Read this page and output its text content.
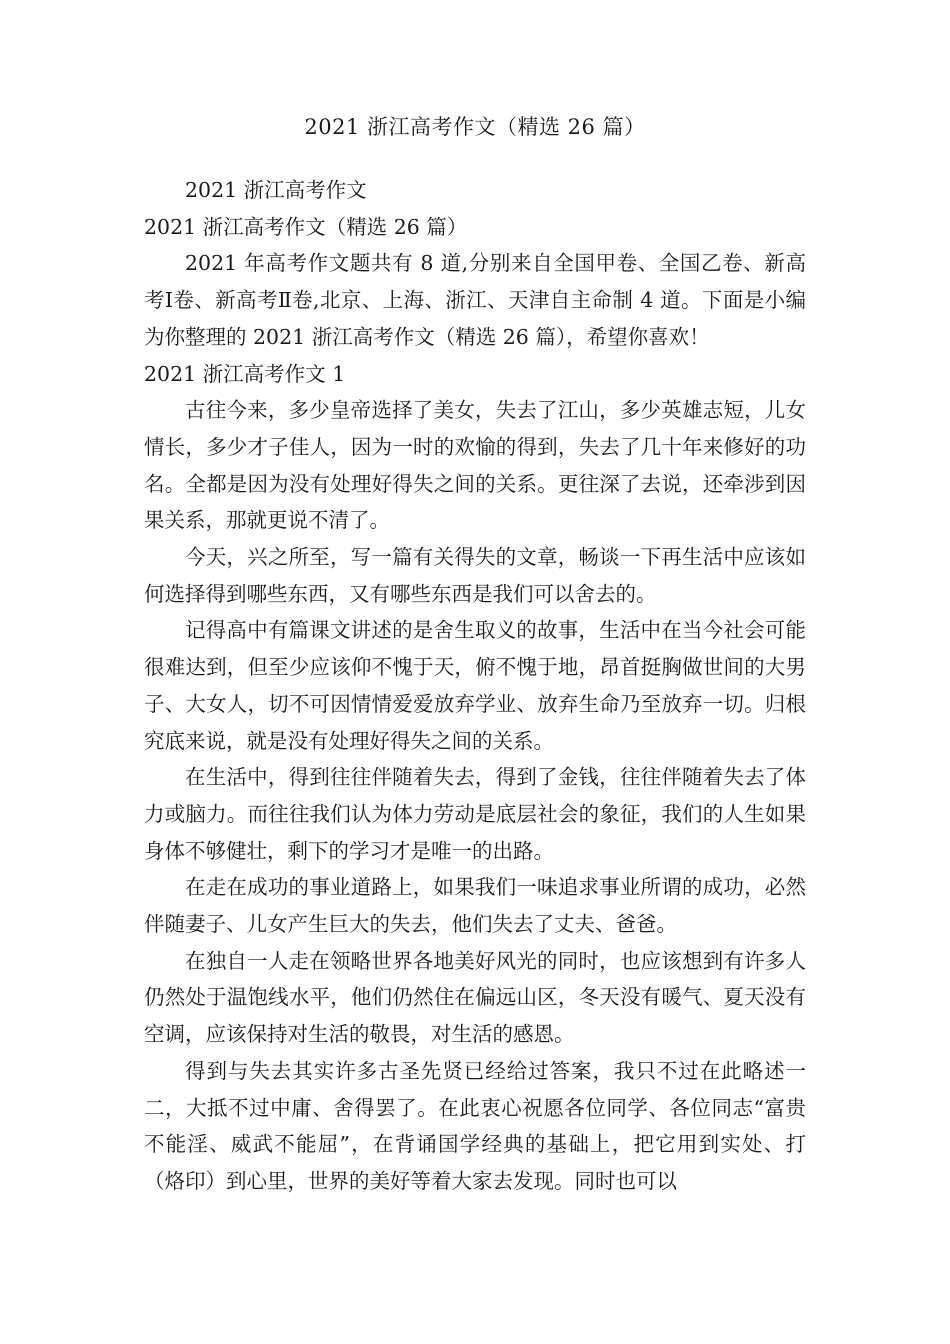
2021 浙江高考作文（精选 26 篇）

2021 浙江高考作文

2021 浙江高考作文（精选 26 篇）

2021 年高考作文题共有 8 道,分别来自全国甲卷、全国乙卷、新高考Ⅰ卷、新高考Ⅱ卷,北京、上海、浙江、天津自主命制 4 道。下面是小编为你整理的 2021 浙江高考作文（精选 26 篇），希望你喜欢！

2021 浙江高考作文 1

古往今来，多少皇帝选择了美女，失去了江山，多少英雄志短，儿女情长，多少才子佳人，因为一时的欢愉的得到，失去了几十年来修好的功名。全都是因为没有处理好得失之间的关系。更往深了去说，还牵涉到因果关系，那就更说不清了。

今天，兴之所至，写一篇有关得失的文章，畅谈一下再生活中应该如何选择得到哪些东西，又有哪些东西是我们可以舍去的。

记得高中有篇课文讲述的是舍生取义的故事，生活中在当今社会可能很难达到，但至少应该仰不愧于天，俯不愧于地，昂首挺胸做世间的大男子、大女人，切不可因情情爱爱放弃学业、放弃生命乃至放弃一切。归根究底来说，就是没有处理好得失之间的关系。

在生活中，得到往往伴随着失去，得到了金钱，往往伴随着失去了体力或脑力。而往往我们认为体力劳动是底层社会的象征，我们的人生如果身体不够健壮，剩下的学习才是唯一的出路。

在走在成功的事业道路上，如果我们一味追求事业所谓的成功，必然伴随妻子、儿女产生巨大的失去，他们失去了丈夫、爸爸。

在独自一人走在领略世界各地美好风光的同时，也应该想到有许多人仍然处于温饱线水平，他们仍然住在偏远山区，冬天没有暖气、夏天没有空调，应该保持对生活的敬畏，对生活的感恩。

得到与失去其实许多古圣先贤已经给过答案，我只不过在此略述一二，大抵不过中庸、舍得罢了。在此衷心祝愿各位同学、各位同志“富贵不能淫、威武不能屈”，在背诵国学经典的基础上，把它用到实处、打（烙印）到心里，世界的美好等着大家去发现。同时也可以
